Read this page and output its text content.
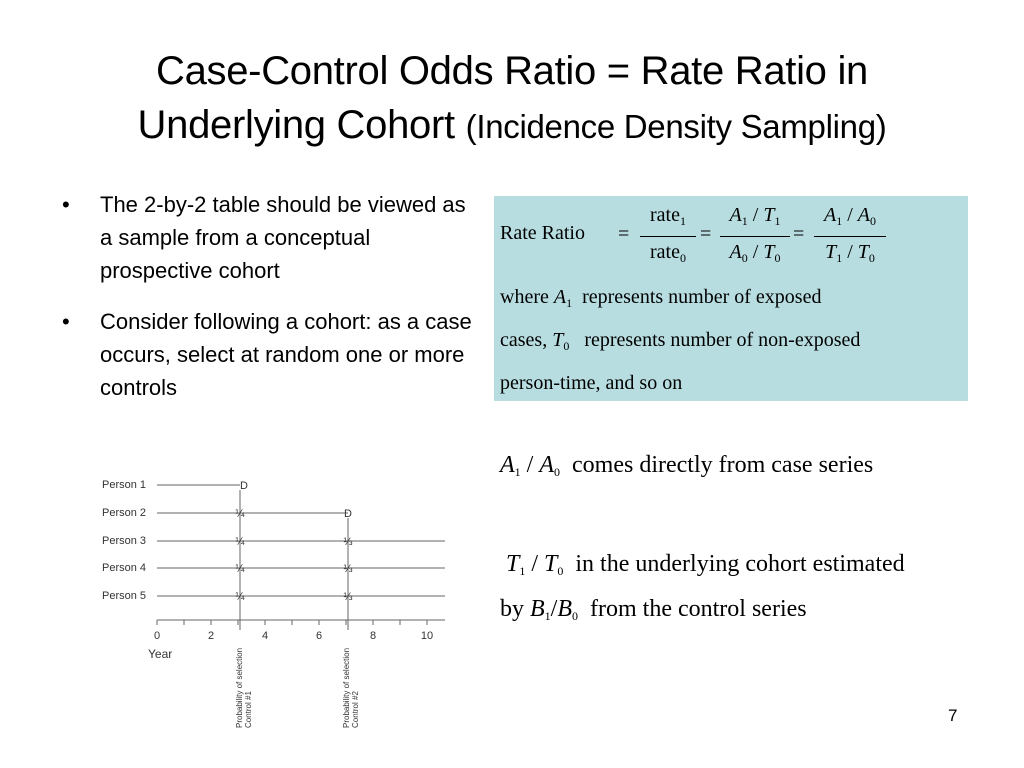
Case-Control Odds Ratio = Rate Ratio in
Underlying Cohort (Incidence Density Sampling)
• The 2-by-2 table should be viewed as a sample from a conceptual prospective cohort
• Consider following a cohort: as a case occurs, select at random one or more controls
Rate Ratio =
rate$_1$
rate$_0$
=
$A_1 / T_1$
$A_0 / T_0$
=
$A_1 / A_0$
$T_1 / T_0$
where $A_1$ represents number of exposed
cases, $T_0$ represents number of non-exposed
person-time, and so on
$A_1 / A_0$ comes directly from case series
$T_1 / T_0$ in the underlying cohort estimated
by $B_1/B_0$ from the control series
Person 1
Person 2
Person 3
Person 4
Person 5
D
D
¼
¼
¼
¼
⅓
⅓
⅓
0	2	4	6	8	10
Year	Probability of selection Control #1	Probability of selection Control #2	7
